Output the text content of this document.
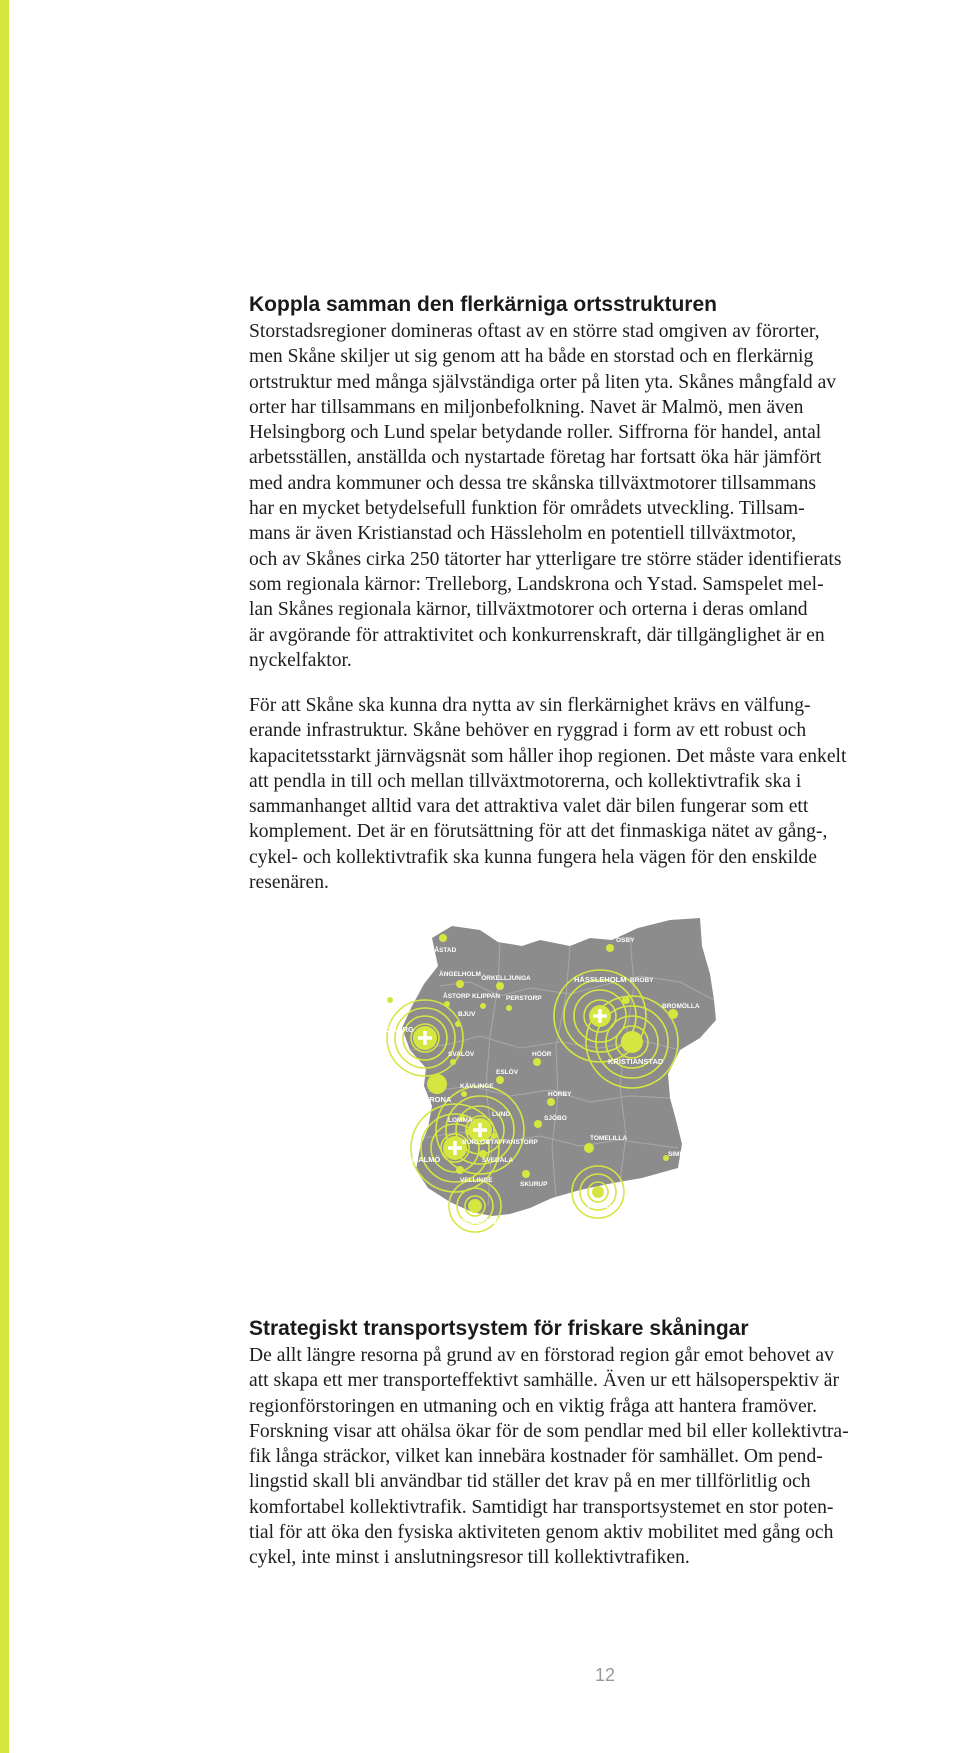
Koppla samman den flerkärniga ortsstrukturen

Storstadsregioner domineras oftast av en större stad omgiven av förorter,
men Skåne skiljer ut sig genom att ha både en storstad och en flerkärnig
ortstruktur med många självständiga orter på liten yta. Skånes mångfald av
orter har tillsammans en miljonbefolkning. Navet är Malmö, men även
Helsingborg och Lund spelar betydande roller. Siffrorna för handel, antal
arbetsställen, anställda och nystartade företag har fortsatt öka här jämfört
med andra kommuner och dessa tre skånska tillväxtmotorer tillsammans
har en mycket betydelsefull funktion för områdets utveckling. Tillsam-
mans är även Kristianstad och Hässleholm en potentiell tillväxtmotor,
och av Skånes cirka 250 tätorter har ytterligare tre större städer identifierats
som regionala kärnor: Trelleborg, Landskrona och Ystad. Samspelet mel-
lan Skånes regionala kärnor, tillväxtmotorer och orterna i deras omland
är avgörande för attraktivitet och konkurrenskraft, där tillgänglighet är en
nyckelfaktor.

För att Skåne ska kunna dra nytta av sin flerkärnighet krävs en välfung-
erande infrastruktur. Skåne behöver en ryggrad i form av ett robust och
kapacitetsstarkt järnvägsnät som håller ihop regionen. Det måste vara enkelt
att pendla in till och mellan tillväxtmotorerna, och kollektivtrafik ska i
sammanhanget alltid vara det attraktiva valet där bilen fungerar som ett
komplement. Det är en förutsättning för att det finmaskiga nätet av gång-,
cykel- och kollektivtrafik ska kunna fungera hela vägen för den enskilde
resenären.

BÅSTAD
OSBY
HÖGANÄS
ÄNGELHOLM
ÖRKELLJUNGA	HÄSSLEHOLM BROBY
ÅSTORP KLIPPAN PERSTORP
BROMÖLLA
BJUV
HELSINGBORG
SVALÖV	HÖÖR
KRISTIANSTAD
ESLÖV
KÄVLINGE
LANDSKRONA
HÖRBY
LUND
LOMMA	SJÖBO
STAFFANSTORP
BURLÖV
MALMÖ	SVEDALA
TOMELILLA
SIMRISHAMN
VELLINGE
SKURUP
YSTAD
TRELLEBORG
Strategiskt transportsystem för friskare skåningar

De allt längre resorna på grund av en förstorad region går emot behovet av
att skapa ett mer transporteffektivt samhälle. Även ur ett hälsoperspektiv är
regionförstoringen en utmaning och en viktig fråga att hantera framöver.
Forskning visar att ohälsa ökar för de som pendlar med bil eller kollektivtra-
fik långa sträckor, vilket kan innebära kostnader för samhället. Om pend-
lingstid skall bli användbar tid ställer det krav på en mer tillförlitlig och
komfortabel kollektivtrafik. Samtidigt har transportsystemet en stor poten-
tial för att öka den fysiska aktiviteten genom aktiv mobilitet med gång och
cykel, inte minst i anslutningsresor till kollektivtrafiken.

12
